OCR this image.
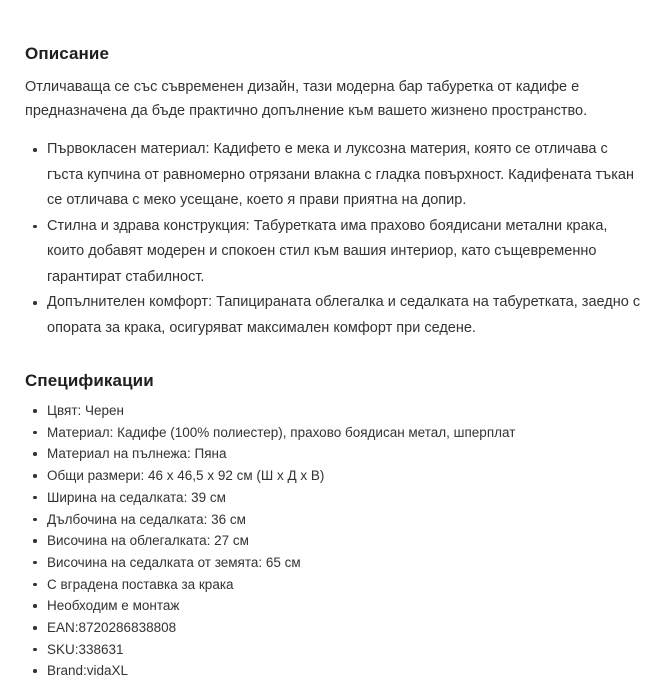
Описание

Отличаваща се със съвременен дизайн, тази модерна бар табуретка от кадифе е предназначена да бъде практично допълнение към вашето жизнено пространство.

Първокласен материал: Кадифето е мека и луксозна материя, която се отличава с гъста купчина от равномерно отрязани влакна с гладка повърхност. Кадифената тъкан се отличава с меко усещане, което я прави приятна на допир.
Стилна и здрава конструкция: Табуретката има прахово боядисани метални крака, които добавят модерен и спокоен стил към вашия интериор, като същевременно гарантират стабилност.
Допълнителен комфорт: Тапицираната облегалка и седалката на табуретката, заедно с опората за крака, осигуряват максимален комфорт при седене.
Спецификации
Цвят: Черен
Материал: Кадифе (100% полиестер), прахово боядисан метал, шперплат
Материал на пълнежа: Пяна
Общи размери: 46 x 46,5 x 92 см (Ш x Д x В)
Ширина на седалката: 39 см
Дълбочина на седалката: 36 см
Височина на облегалката: 27 см
Височина на седалката от земята: 65 см
С вградена поставка за крака
Необходим е монтаж
EAN:8720286838808
SKU:338631
Brand:vidaXL
